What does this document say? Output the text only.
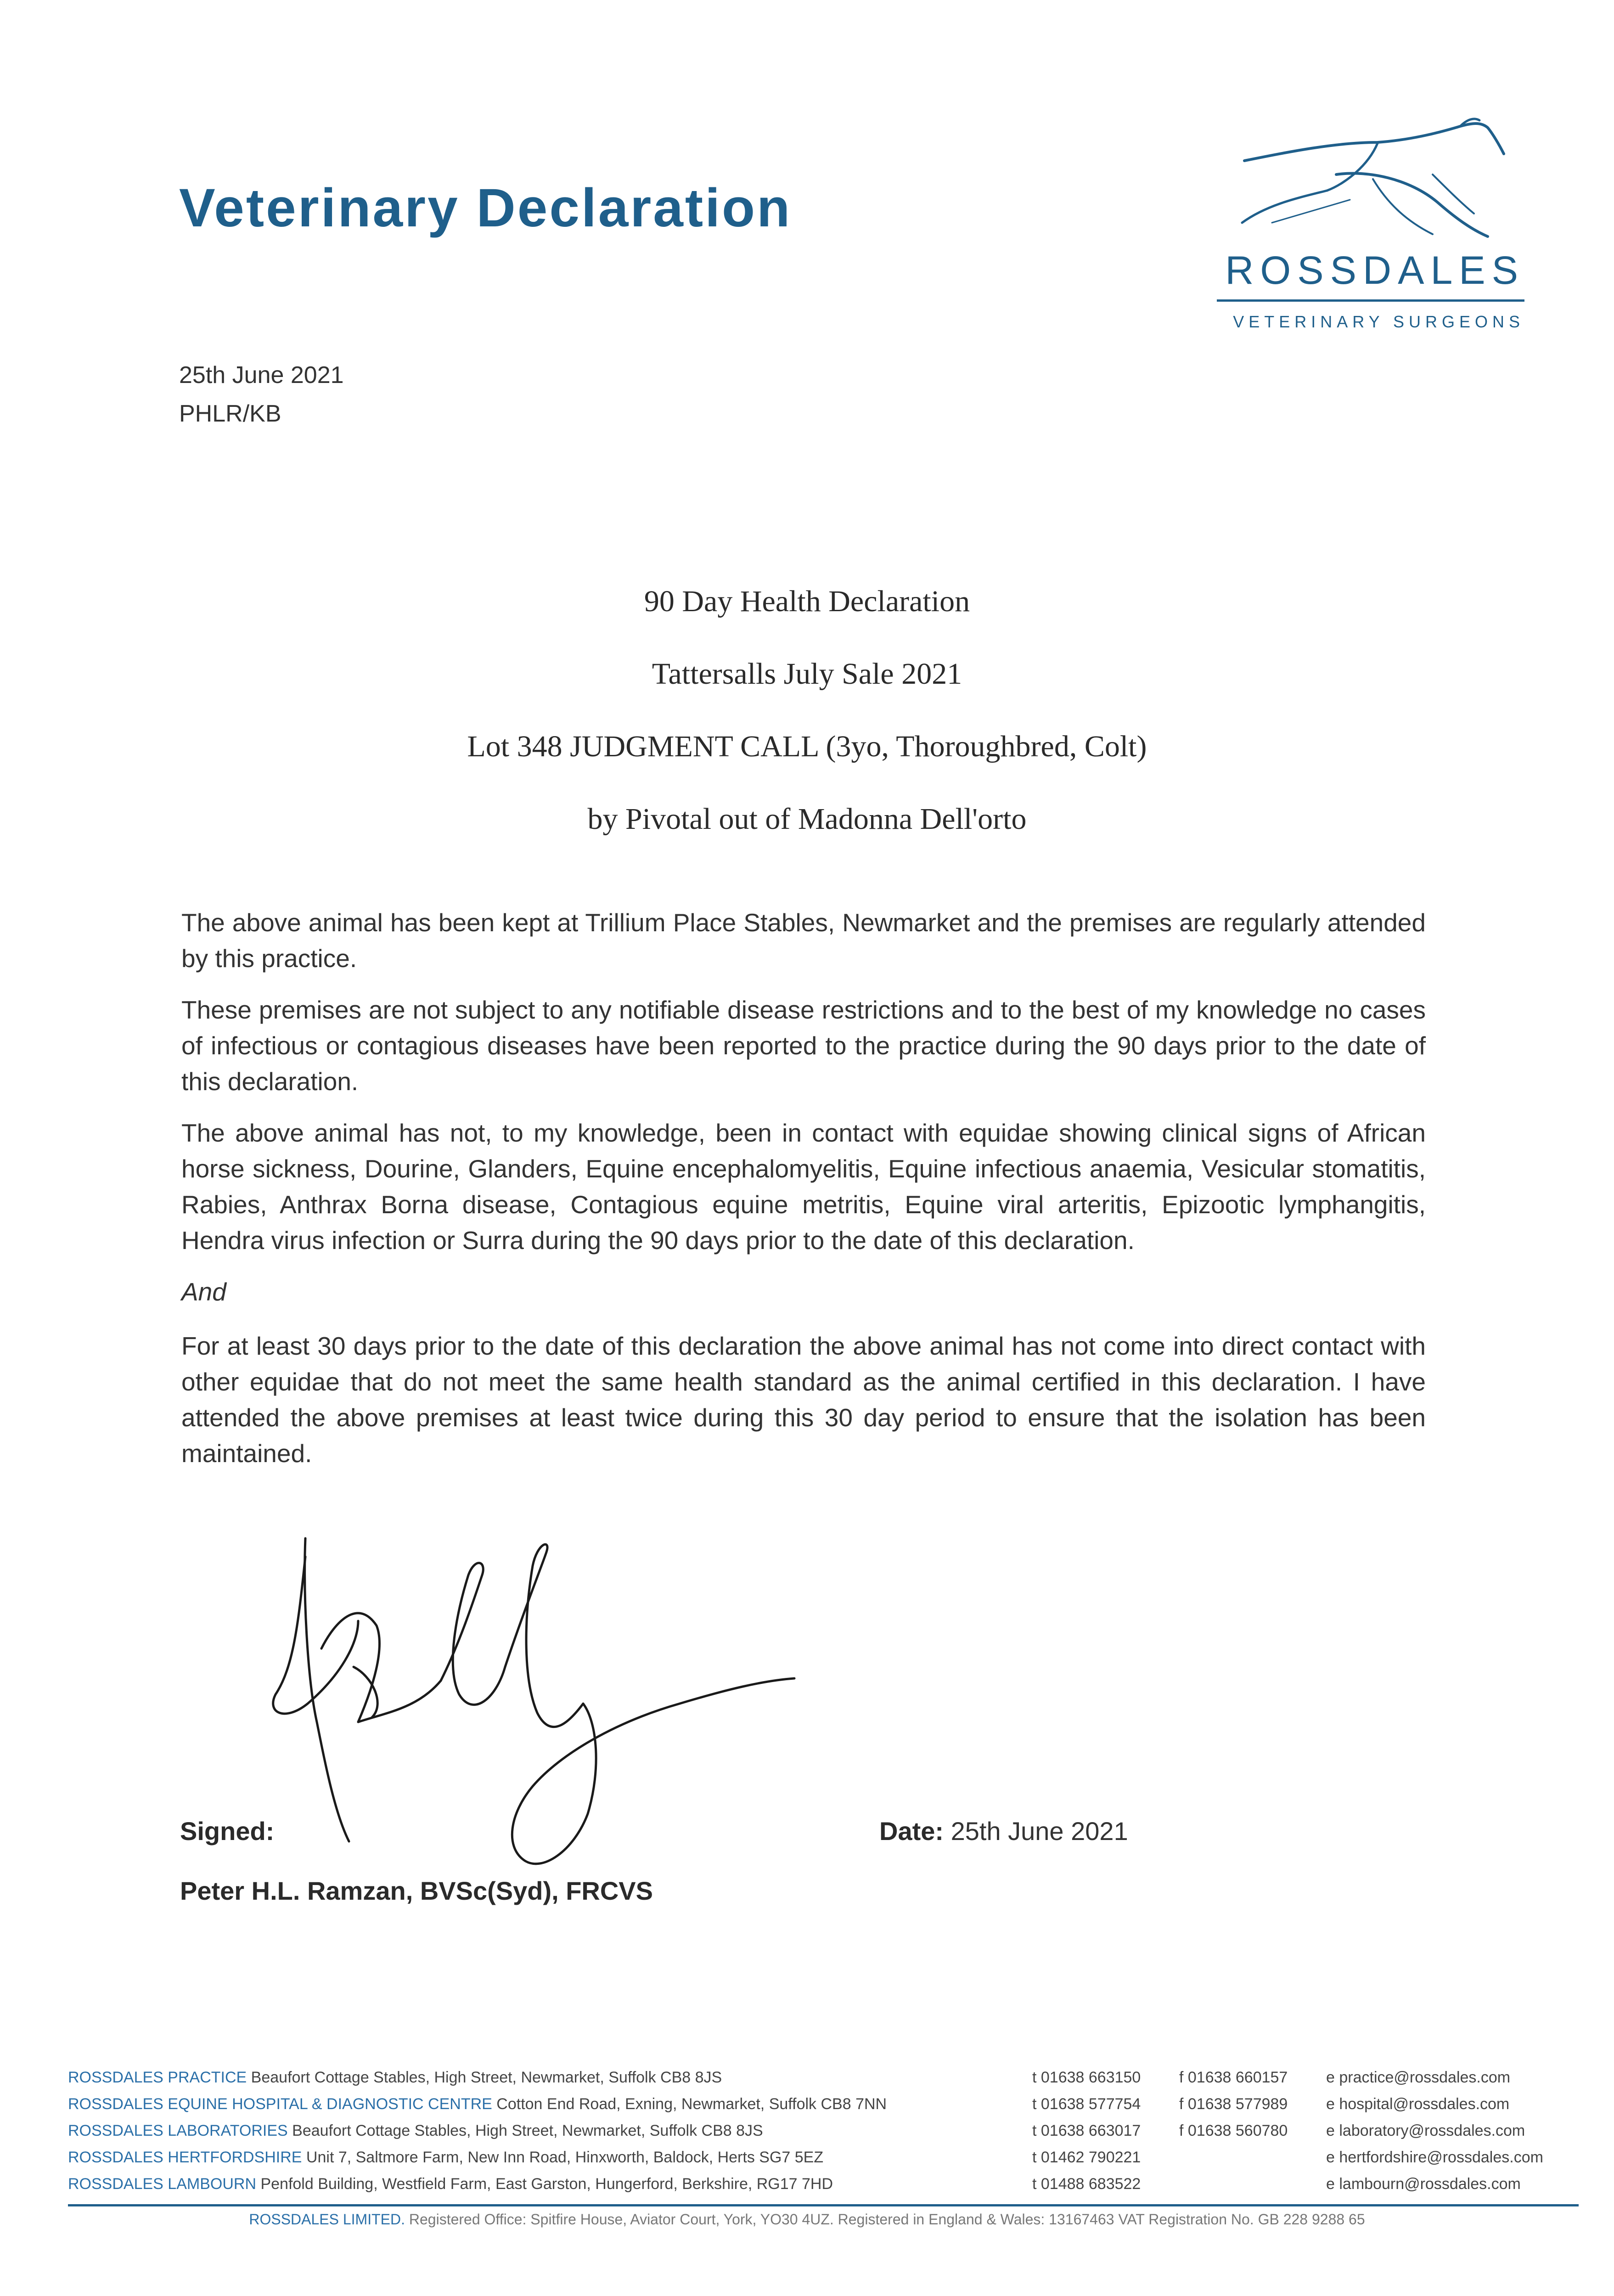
Veterinary Declaration
ROSSDALES
VETERINARY SURGEONS
25th June 2021
PHLR/KB
90 Day Health Declaration
Tattersalls July Sale 2021
Lot 348 JUDGMENT CALL (3yo, Thoroughbred, Colt)
by Pivotal out of Madonna Dell'orto

The above animal has been kept at Trillium Place Stables, Newmarket and the premises are regularly attended by this practice.

These premises are not subject to any notifiable disease restrictions and to the best of my knowledge no cases of infectious or contagious diseases have been reported to the practice during the 90 days prior to the date of this declaration.

The above animal has not, to my knowledge, been in contact with equidae showing clinical signs of African horse sickness, Dourine, Glanders, Equine encephalomyelitis, Equine infectious anaemia, Vesicular stomatitis, Rabies, Anthrax Borna disease, Contagious equine metritis, Equine viral arteritis, Epizootic lymphangitis, Hendra virus infection or Surra during the 90 days prior to the date of this declaration.

And

For at least 30 days prior to the date of this declaration the above animal has not come into direct contact with other equidae that do not meet the same health standard as the animal certified in this declaration. I have attended the above premises at least twice during this 30 day period to ensure that the isolation has been maintained.

Signed:
Peter H.L. Ramzan, BVSc(Syd), FRCVS
Date: 25th June 2021
ROSSDALES PRACTICE Beaufort Cottage Stables, High Street, Newmarket, Suffolk CB8 8JS	t 01638 663150 f 01638 660157 e practice@rossdales.com
ROSSDALES EQUINE HOSPITAL & DIAGNOSTIC CENTRE Cotton End Road, Exning, Newmarket, Suffolk CB8 7NN	t 01638 577754 f 01638 577989 e hospital@rossdales.com
ROSSDALES LABORATORIES Beaufort Cottage Stables, High Street, Newmarket, Suffolk CB8 8JS	t 01638 663017 f 01638 560780 e laboratory@rossdales.com
ROSSDALES HERTFORDSHIRE Unit 7, Saltmore Farm, New Inn Road, Hinxworth, Baldock, Herts SG7 5EZ	t 01462 790221	e hertfordshire@rossdales.com
ROSSDALES LAMBOURN Penfold Building, Westfield Farm, East Garston, Hungerford, Berkshire, RG17 7HD	t 01488 683522	e lambourn@rossdales.com
ROSSDALES LIMITED. Registered Office: Spitfire House, Aviator Court, York, YO30 4UZ. Registered in England & Wales: 13167463 VAT Registration No. GB 228 9288 65
